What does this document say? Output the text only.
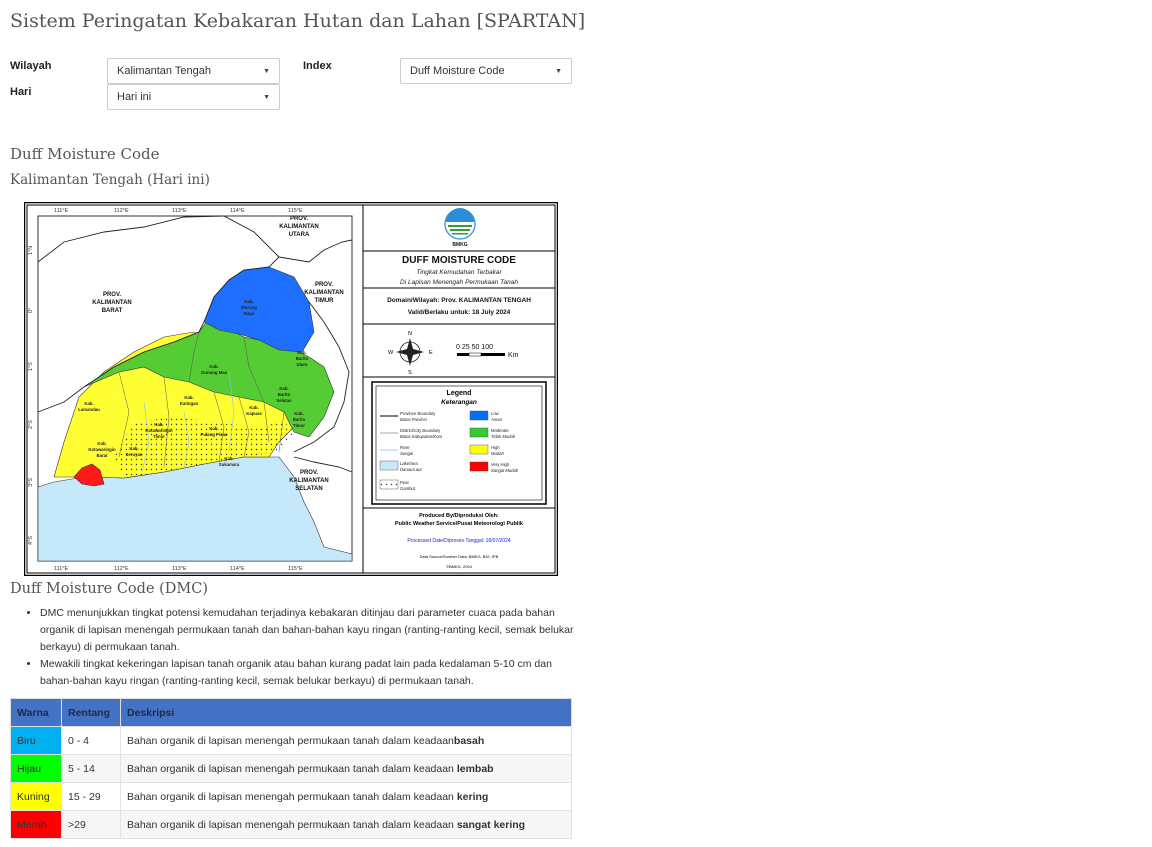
Sistem Peringatan Kebakaran Hutan dan Lahan [SPARTAN]
Wilayah	Kalimantan Tengah	▼
Hari	Hari ini	▼
Index	Duff Moisture Code	▼
Duff Moisture Code
Kalimantan Tengah (Hari ini)
111°E	112°E	113°E	114°E	115°E
111°E	112°E	113°E	114°E	115°E
1°N
0°
1°S
2°S
3°S
4°S
PROV.
KALIMANTAN
UTARA
PROV.
KALIMANTAN
TIMUR
PROV.
KALIMANTAN
BARAT
PROV.
KALIMANTAN
SELATAN
Kab.
Murung
Raya
Kab.
Barito
Utara
Kab.
Gunung Mas
Kab.
Barito
Selatan
Kab.
Lamandau
Kab.
Katingan
Kab.
Kapuas	Kab.
Barito
Timur
Kab.
Kotawaringin
Timur
Kab.
Pulang Pisau
Kab.
Kotawaringin
Barat
Kab.
Seruyan
Kab.
Sukamara
BMKG
DUFF MOISTURE CODE
Tingkat Kemudahan Terbakar
Di Lapisan Menengah Permukaan Tanah
Domain/Wilayah: Prov. KALIMANTAN TENGAH
Valid/Berlaku untuk: 18 July 2024
N
S
E
W
0 25 50 100
Km
Legend
Keterangan
Province Boundary
Batas Provinsi
District/City Boundary
Batas Kabupaten/Kota
River
Sungai
Lake/Sea
Danau/Laut
Peat
Gambut
Low
Aman
Moderate
Tidak Mudah
High
Mudah
Very High
Sangat Mudah
Produced By/Diproduksi Oleh:
Public Weather Service/Pusat Meteorologi Publik
Processed Date/Diproses Tanggal: 18/07/2024
Data Source/Sumber Data: BMKG, BIG, IPB
©BMKG, 2024
Duff Moisture Code (DMC)
• DMC menunjukkan tingkat potensi kemudahan terjadinya kebakaran ditinjau dari parameter cuaca pada bahan organik di lapisan menengah permukaan tanah dan bahan-bahan kayu ringan (ranting-ranting kecil, semak belukar berkayu) di permukaan tanah.
• Mewakili tingkat kekeringan lapisan tanah organik atau bahan kurang padat lain pada kedalaman 5-10 cm dan bahan-bahan kayu ringan (ranting-ranting kecil, semak belukar berkayu) di permukaan tanah.
Warna	Rentang	Deskripsi
Biru	0 - 4	Bahan organik di lapisan menengah permukaan tanah dalam keadaanbasah
Hijau	5 - 14	Bahan organik di lapisan menengah permukaan tanah dalam keadaan lembab
Kuning	15 - 29	Bahan organik di lapisan menengah permukaan tanah dalam keadaan kering
Merah	>29	Bahan organik di lapisan menengah permukaan tanah dalam keadaan sangat kering
